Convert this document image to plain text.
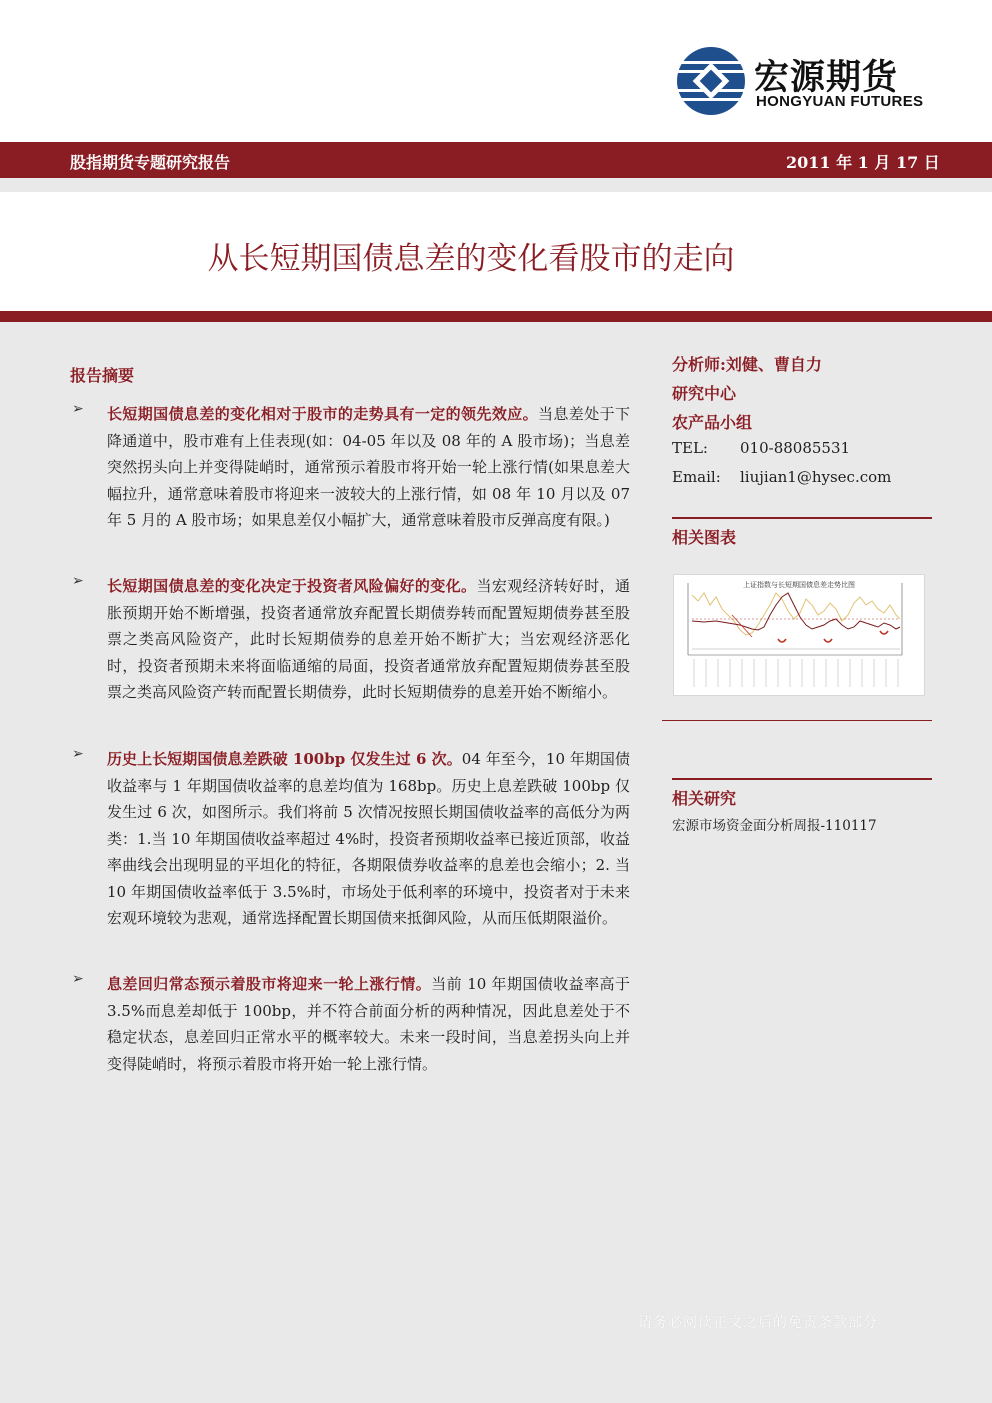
宏源期货
HONGYUAN FUTURES
股指期货专题研究报告	2011 年 1 月 17 日
从长短期国债息差的变化看股市的走向
报告摘要
➢ 长短期国债息差的变化相对于股市的走势具有一定的领先效应。当息差处于下降通道中，股市难有上佳表现(如：04-05 年以及 08 年的 A 股市场)；当息差突然拐头向上并变得陡峭时，通常预示着股市将开始一轮上涨行情(如果息差大幅拉升，通常意味着股市将迎来一波较大的上涨行情，如 08 年 10 月以及 07 年 5 月的 A 股市场；如果息差仅小幅扩大，通常意味着股市反弹高度有限。)
➢ 长短期国债息差的变化决定于投资者风险偏好的变化。当宏观经济转好时，通胀预期开始不断增强，投资者通常放弃配置长期债券转而配置短期债券甚至股票之类高风险资产，此时长短期债券的息差开始不断扩大；当宏观经济恶化时，投资者预期未来将面临通缩的局面，投资者通常放弃配置短期债券甚至股票之类高风险资产转而配置长期债券，此时长短期债券的息差开始不断缩小。
➢ 历史上长短期国债息差跌破 100bp 仅发生过 6 次。04 年至今，10 年期国债收益率与 1 年期国债收益率的息差均值为 168bp。历史上息差跌破 100bp 仅发生过 6 次，如图所示。我们将前 5 次情况按照长期国债收益率的高低分为两类：1.当 10 年期国债收益率超过 4%时，投资者预期收益率已接近顶部，收益率曲线会出现明显的平坦化的特征，各期限债券收益率的息差也会缩小；2. 当 10 年期国债收益率低于 3.5%时，市场处于低利率的环境中，投资者对于未来宏观环境较为悲观，通常选择配置长期国债来抵御风险，从而压低期限溢价。
➢ 息差回归常态预示着股市将迎来一轮上涨行情。当前 10 年期国债收益率高于 3.5%而息差却低于 100bp，并不符合前面分析的两种情况，因此息差处于不稳定状态，息差回归正常水平的概率较大。未来一段时间，当息差拐头向上并变得陡峭时，将预示着股市将开始一轮上涨行情。
分析师:刘健、曹自力
研究中心
农产品小组
TEL: 010-88085531
Email: liujian1@hysec.com
相关图表
上证指数与长短期国债息差走势比图
相关研究
宏源市场资金面分析周报-110117
请务必阅读正文之后的免责条款部分
